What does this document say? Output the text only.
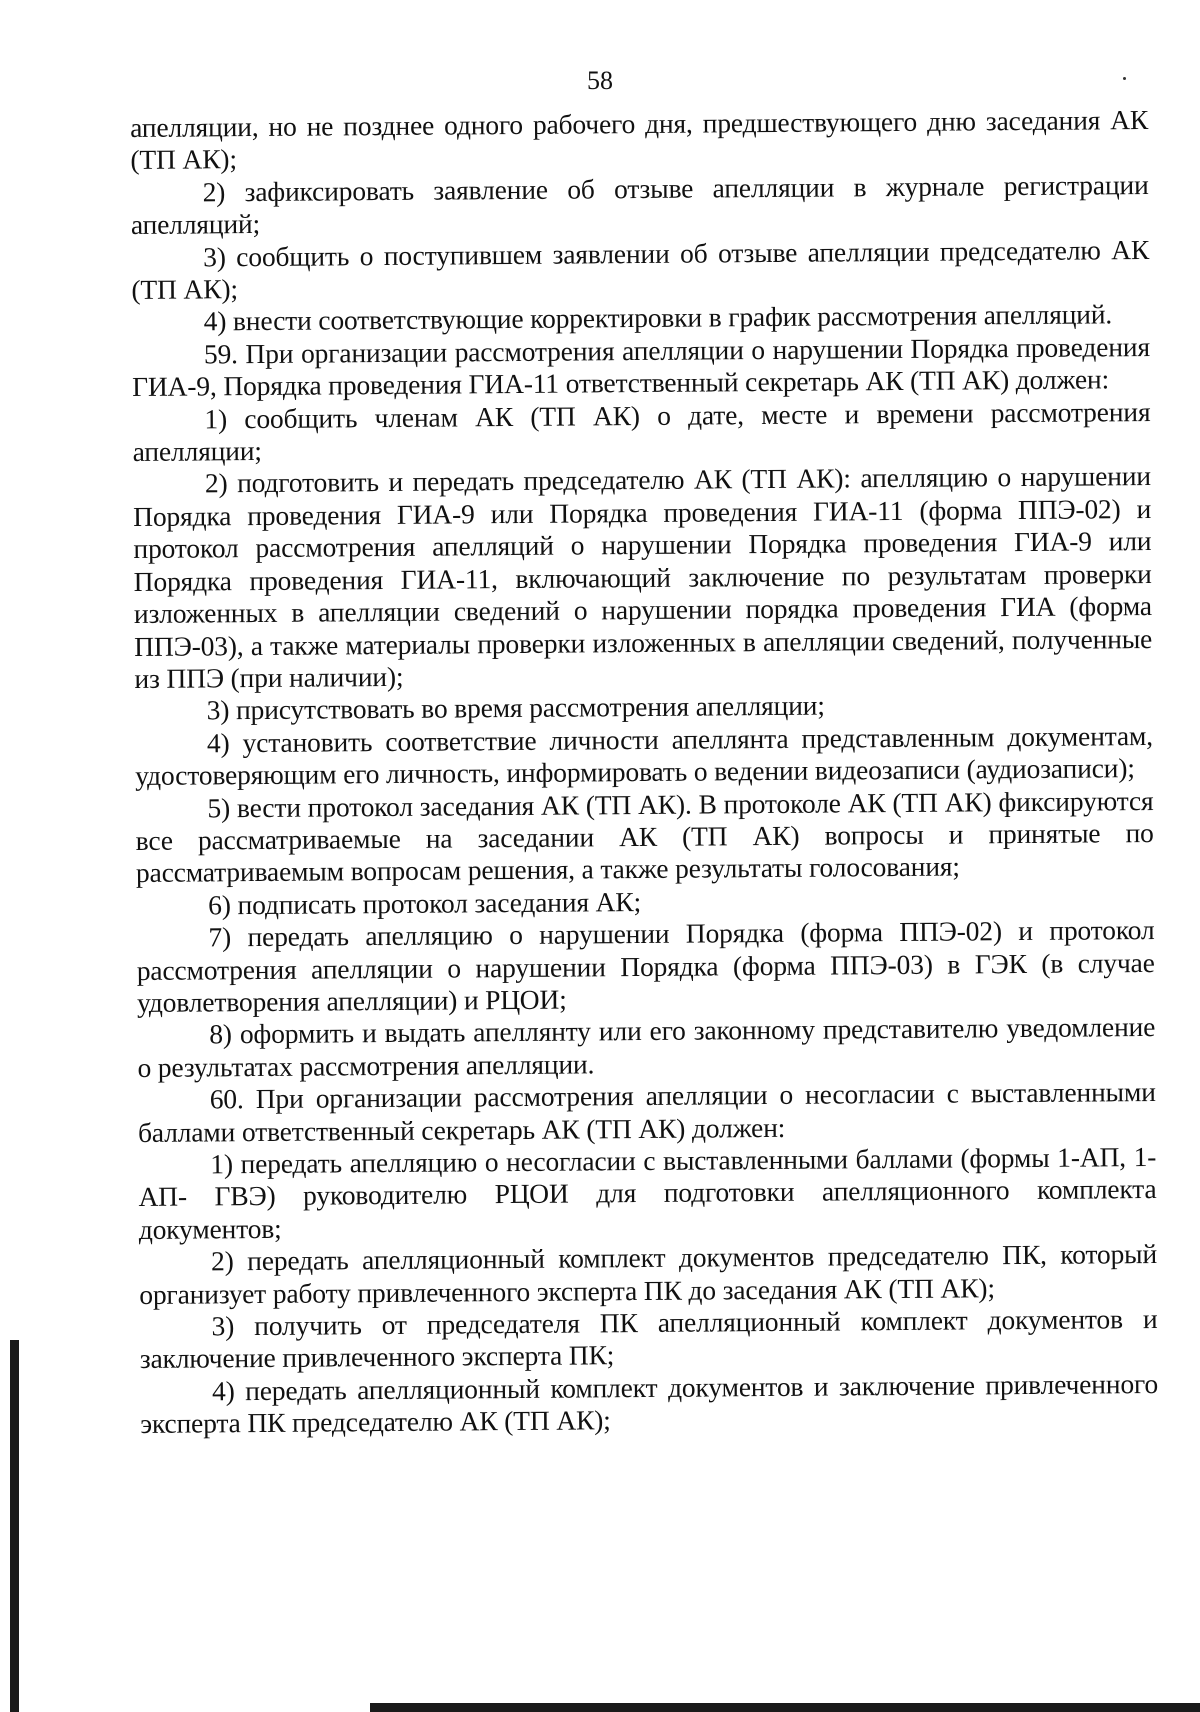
58

апелляции, но не позднее одного рабочего дня, предшествующего дню заседания АК (ТП АК);

2) зафиксировать заявление об отзыве апелляции в журнале регистрации апелляций;

3) сообщить о поступившем заявлении об отзыве апелляции председателю АК (ТП АК);

4) внести соответствующие корректировки в график рассмотрения апелляций.

59. При организации рассмотрения апелляции о нарушении Порядка проведения ГИА-9, Порядка проведения ГИА-11 ответственный секретарь АК (ТП АК) должен:

1) сообщить членам АК (ТП АК) о дате, месте и времени рассмотрения апелляции;

2) подготовить и передать председателю АК (ТП АК): апелляцию о нарушении Порядка проведения ГИА-9 или Порядка проведения ГИА-11 (форма ППЭ-02) и протокол рассмотрения апелляций о нарушении Порядка проведения ГИА-9 или Порядка проведения ГИА-11, включающий заключение по результатам проверки изложенных в апелляции сведений о нарушении порядка проведения ГИА (форма ППЭ-03), а также материалы проверки изложенных в апелляции сведений, полученные из ППЭ (при наличии);

3) присутствовать во время рассмотрения апелляции;

4) установить соответствие личности апеллянта представленным документам, удостоверяющим его личность, информировать о ведении видеозаписи (аудиозаписи);

5) вести протокол заседания АК (ТП АК). В протоколе АК (ТП АК) фиксируются все рассматриваемые на заседании АК (ТП АК) вопросы и принятые по рассматриваемым вопросам решения, а также результаты голосования;

6) подписать протокол заседания АК;

7) передать апелляцию о нарушении Порядка (форма ППЭ-02) и протокол рассмотрения апелляции о нарушении Порядка (форма ППЭ-03) в ГЭК (в случае удовлетворения апелляции) и РЦОИ;

8) оформить и выдать апеллянту или его законному представителю уведомление о результатах рассмотрения апелляции.

60. При организации рассмотрения апелляции о несогласии с выставленными баллами ответственный секретарь АК (ТП АК) должен:

1) передать апелляцию о несогласии с выставленными баллами (формы 1-АП, 1-АП- ГВЭ) руководителю РЦОИ для подготовки апелляционного комплекта документов;

2) передать апелляционный комплект документов председателю ПК, который организует работу привлеченного эксперта ПК до заседания АК (ТП АК);

3) получить от председателя ПК апелляционный комплект документов и заключение привлеченного эксперта ПК;

4) передать апелляционный комплект документов и заключение привлеченного эксперта ПК председателю АК (ТП АК);
